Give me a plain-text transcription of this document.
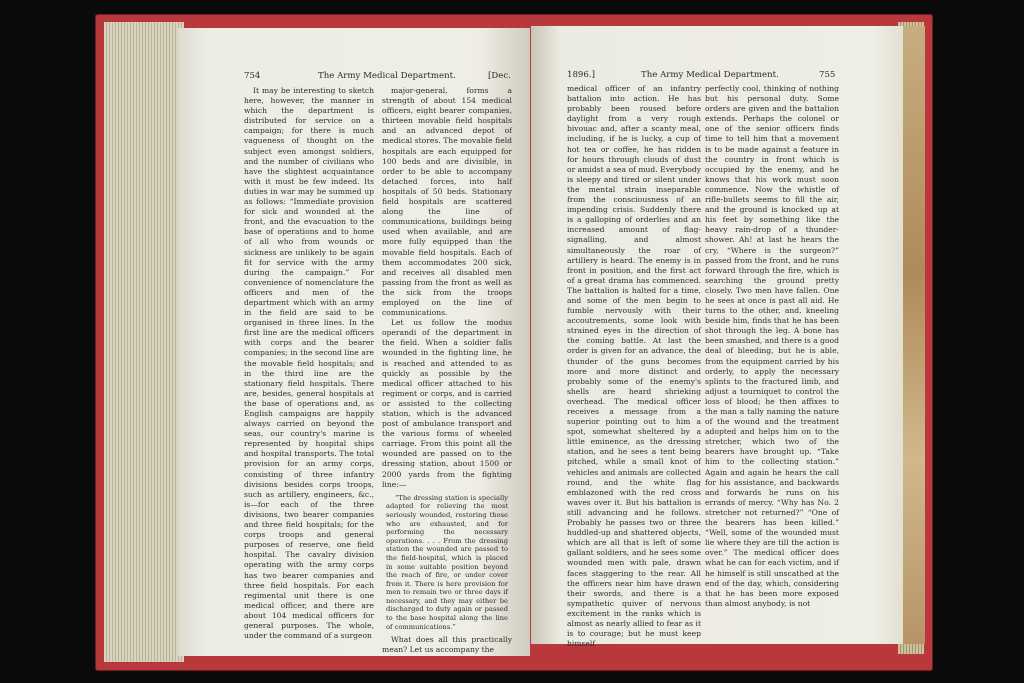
754	The Army Medical Department.	[Dec.

It may be interesting to sketch here, however, the manner in which the department is distributed for service on a campaign; for there is much vagueness of thought on the subject even amongst soldiers, and the number of civilians who have the slightest acquaintance with it must be few indeed. Its duties in war may be summed up as follows: “Immediate provision for sick and wounded at the front, and the evacuation to the base of operations and to home of all who from wounds or sickness are unlikely to be again fit for service with the army during the campaign.” For convenience of nomenclature the officers and men of the department which with an army in the field are said to be organised in three lines. In the first line are the medical officers with corps and the bearer companies; in the second line are the movable field hospitals; and in the third line are the stationary field hospitals. There are, besides, general hospitals at the base of operations and, as English campaigns are happily always carried on beyond the seas, our country's marine is represented by hospital ships and hospital transports. The total provision for an army corps, consisting of three infantry divisions besides corps troops, such as artillery, engineers, &c., is—for each of the three divisions, two bearer companies and three field hospitals; for the corps troops and general purposes of reserve, one field hospital. The cavalry division operating with the army corps has two bearer companies and three field hospitals. For each regimental unit there is one medical officer, and there are about 104 medical officers for general purposes. The whole, under the command of a surgeon

major-general, forms a strength of about 154 medical officers, eight bearer companies, thirteen movable field hospitals and an advanced depot of medical stores. The movable field hospitals are each equipped for 100 beds and are divisible, in order to be able to accompany detached forces, into half hospitals of 50 beds. Stationary field hospitals are scattered along the line of communications, buildings being used when available, and are more fully equipped than the movable field hospitals. Each of them accommodates 200 sick, and receives all disabled men passing from the front as well as the sick from the troops employed on the line of communications.

Let us follow the modus operandi of the department in the field. When a soldier falls wounded in the fighting line, he is reached and attended to as quickly as possible by the medical officer attached to his regiment or corps, and is carried or assisted to the collecting station, which is the advanced post of ambulance transport and the various forms of wheeled carriage. From this point all the wounded are passed on to the dressing station, about 1500 or 2000 yards from the fighting line:—

“The dressing station is specially adapted for relieving the most seriously wounded, restoring those who are exhausted, and for performing the necessary operations. . . . From the dressing station the wounded are passed to the field-hospital, which is placed in some suitable position beyond the reach of fire, or under cover from it. There is here provision for men to remain two or three days if necessary, and they may either be discharged to duty again or passed to the base hospital along the line of communications.”

What does all this practically mean? Let us accompany the

1896.]	The Army Medical Department.	755

medical officer of an infantry battalion into action. He has probably been roused before daylight from a very rough bivouac and, after a scanty meal, including, if he is lucky, a cup of hot tea or coffee, he has ridden for hours through clouds of dust or amidst a sea of mud. Everybody is sleepy and tired or silent under the mental strain inseparable from the consciousness of an impending crisis. Suddenly there is a galloping of orderlies and an increased amount of flag-signalling, and almost simultaneously the roar of artillery is heard. The enemy is in front in position, and the first act of a great drama has commenced. The battalion is halted for a time, and some of the men begin to fumble nervously with their accoutrements, some look with strained eyes in the direction of the coming battle. At last the order is given for an advance, the thunder of the guns becomes more and more distinct and probably some of the enemy's shells are heard shrieking overhead. The medical officer receives a message from a superior pointing out to him a spot, somewhat sheltered by a little eminence, as the dressing station, and he sees a tent being pitched, while a small knot of vehicles and animals are collected round, and the white flag emblazoned with the red cross waves over it. But his battalion is still advancing and he follows. Probably he passes two or three huddled-up and shattered objects, which are all that is left of some gallant soldiers, and he sees some wounded men with pale, drawn faces staggering to the rear. All the officers near him have drawn their swords, and there is a sympathetic quiver of nervous excitement in the ranks which is almost as nearly allied to fear as it is to courage; but he must keep himself

perfectly cool, thinking of nothing but his personal duty. Some orders are given and the battalion extends. Perhaps the colonel or one of the senior officers finds time to tell him that a movement is to be made against a feature in the country in front which is occupied by the enemy, and he knows that his work must soon commence. Now the whistle of rifle-bullets seems to fill the air, and the ground is knocked up at his feet by something like the heavy rain-drop of a thunder-shower. Ah! at last he hears the cry, “Where is the surgeon?” passed from the front, and he runs forward through the fire, which is searching the ground pretty closely. Two men have fallen. One he sees at once is past all aid. He turns to the other, and, kneeling beside him, finds that he has been shot through the leg. A bone has been smashed, and there is a good deal of bleeding, but he is able, from the equipment carried by his orderly, to apply the necessary splints to the fractured limb, and adjust a tourniquet to control the loss of blood; he then affixes to the man a tally naming the nature of the wound and the treatment adopted and helps him on to the stretcher, which two of the bearers have brought up. “Take him to the collecting station.” Again and again he hears the call for his assistance, and backwards and forwards he runs on his errands of mercy. “Why has No. 2 stretcher not returned?” “One of the bearers has been killed.” “Well, some of the wounded must lie where they are till the action is over.” The medical officer does what he can for each victim, and if he himself is still unscathed at the end of the day, which, considering that he has been more exposed than almost anybody, is not
